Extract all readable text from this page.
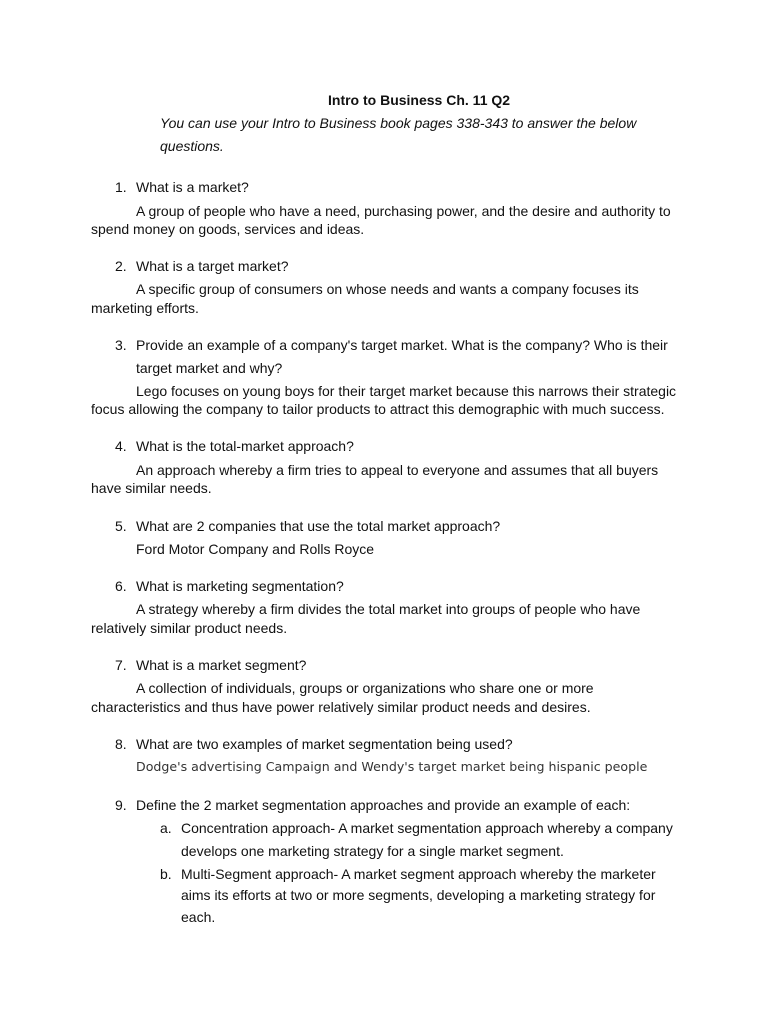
Intro to Business Ch. 11 Q2
You can use your Intro to Business book pages 338-343 to answer the below
questions.
1. What is a market?
A group of people who have a need, purchasing power, and the desire and authority to
spend money on goods, services and ideas.
2. What is a target market?
A specific group of consumers on whose needs and wants a company focuses its
marketing efforts.
3. Provide an example of a company's target market. What is the company? Who is their
target market and why?
Lego focuses on young boys for their target market because this narrows their strategic
focus allowing the company to tailor products to attract this demographic with much success.
4. What is the total-market approach?
An approach whereby a firm tries to appeal to everyone and assumes that all buyers
have similar needs.
5. What are 2 companies that use the total market approach?
Ford Motor Company and Rolls Royce
6. What is marketing segmentation?
A strategy whereby a firm divides the total market into groups of people who have
relatively similar product needs.
7. What is a market segment?
A collection of individuals, groups or organizations who share one or more
characteristics and thus have power relatively similar product needs and desires.
8. What are two examples of market segmentation being used?
Dodge's advertising Campaign and Wendy's target market being hispanic people
9. Define the 2 market segmentation approaches and provide an example of each:
a. Concentration approach- A market segmentation approach whereby a company
develops one marketing strategy for a single market segment.
b. Multi-Segment approach- A market segment approach whereby the marketer
aims its efforts at two or more segments, developing a marketing strategy for
each.
